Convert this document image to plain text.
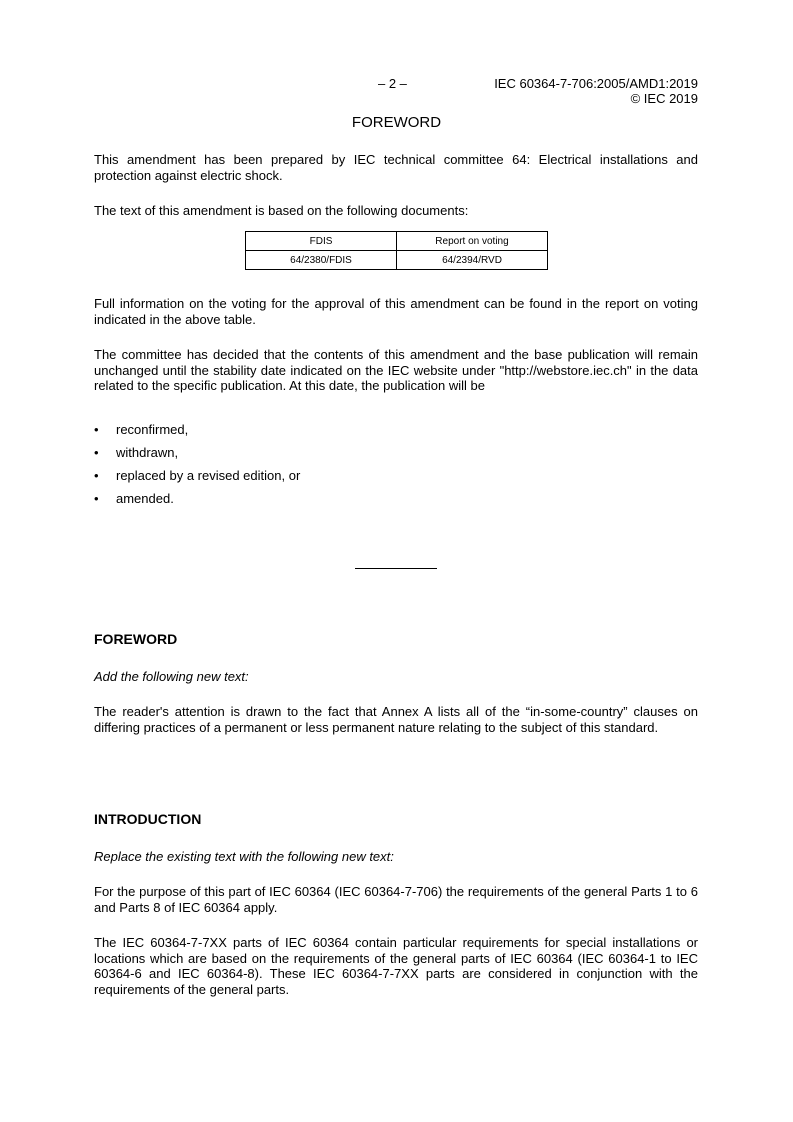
– 2 –	IEC 60364-7-706:2005/AMD1:2019
© IEC 2019
FOREWORD
This amendment has been prepared by IEC technical committee 64: Electrical installations and protection against electric shock.
The text of this amendment is based on the following documents:
FDIS	Report on voting
64/2380/FDIS	64/2394/RVD
Full information on the voting for the approval of this amendment can be found in the report on voting indicated in the above table.
The committee has decided that the contents of this amendment and the base publication will remain unchanged until the stability date indicated on the IEC website under "http://webstore.iec.ch" in the data related to the specific publication. At this date, the publication will be
• reconfirmed,
• withdrawn,
• replaced by a revised edition, or
• amended.
FOREWORD
Add the following new text:
The reader's attention is drawn to the fact that Annex A lists all of the “in-some-country” clauses on differing practices of a permanent or less permanent nature relating to the subject of this standard.
INTRODUCTION
Replace the existing text with the following new text:
For the purpose of this part of IEC 60364 (IEC 60364-7-706) the requirements of the general Parts 1 to 6 and Parts 8 of IEC 60364 apply.
The IEC 60364-7-7XX parts of IEC 60364 contain particular requirements for special installations or locations which are based on the requirements of the general parts of IEC 60364 (IEC 60364-1 to IEC 60364-6 and IEC 60364-8). These IEC 60364-7-7XX parts are considered in conjunction with the requirements of the general parts.
